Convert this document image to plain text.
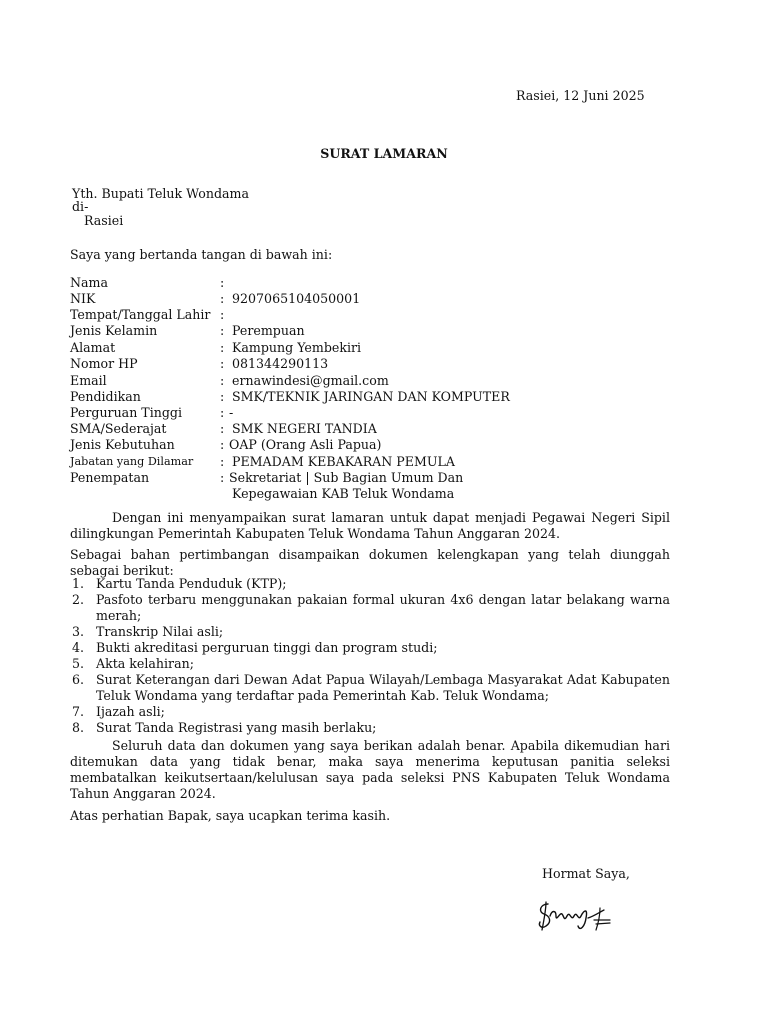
Rasiei, 12 Juni 2025
SURAT LAMARAN
Yth. Bupati Teluk Wondama
di-
Rasiei
Saya yang bertanda tangan di bawah ini:
Nama	:
NIK	: 9207065104050001
Tempat/Tanggal Lahir :
Jenis Kelamin	: Perempuan
Alamat	: Kampung Yembekiri
Nomor HP	: 081344290113
Email	: ernawindesi@gmail.com
Pendidikan	: SMK/TEKNIK JARINGAN DAN KOMPUTER
Perguruan Tinggi	: -
SMA/Sederajat	: SMK NEGERI TANDIA
Jenis Kebutuhan	: OAP (Orang Asli Papua)
Jabatan yang Dilamar : PEMADAM KEBAKARAN PEMULA
Penempatan	: Sekretariat | Sub Bagian Umum Dan
Kepegawaian KAB Teluk Wondama
Dengan ini menyampaikan surat lamaran untuk dapat menjadi Pegawai Negeri Sipil dilingkungan Pemerintah Kabupaten Teluk Wondama Tahun Anggaran 2024.
Sebagai bahan pertimbangan disampaikan dokumen kelengkapan yang telah diunggah sebagai berikut:
1. Kartu Tanda Penduduk (KTP);
2. Pasfoto terbaru menggunakan pakaian formal ukuran 4x6 dengan latar belakang warna merah;
3. Transkrip Nilai asli;
4. Bukti akreditasi perguruan tinggi dan program studi;
5. Akta kelahiran;
6. Surat Keterangan dari Dewan Adat Papua Wilayah/Lembaga Masyarakat Adat Kabupaten Teluk Wondama yang terdaftar pada Pemerintah Kab. Teluk Wondama;
7. Ijazah asli;
8. Surat Tanda Registrasi yang masih berlaku;
Seluruh data dan dokumen yang saya berikan adalah benar. Apabila dikemudian hari ditemukan data yang tidak benar, maka saya menerima keputusan panitia seleksi membatalkan keikutsertaan/kelulusan saya pada seleksi PNS Kabupaten Teluk Wondama Tahun Anggaran 2024.
Atas perhatian Bapak, saya ucapkan terima kasih.
Hormat Saya,
